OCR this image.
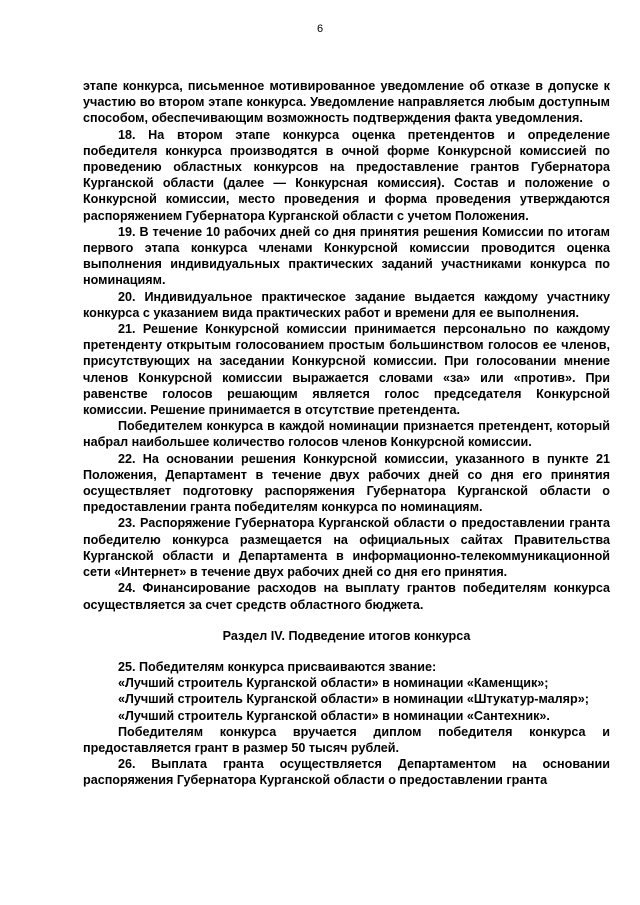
6

этапе конкурса, письменное мотивированное уведомление об отказе в допуске к участию во втором этапе конкурса. Уведомление направляется любым доступным способом, обеспечивающим возможность подтверждения факта уведомления.

18. На втором этапе конкурса оценка претендентов и определение победителя конкурса производятся в очной форме Конкурсной комиссией по проведению областных конкурсов на предоставление грантов Губернатора Курганской области (далее — Конкурсная комиссия). Состав и положение о Конкурсной комиссии, место проведения и форма проведения утверждаются распоряжением Губернатора Курганской области с учетом Положения.

19. В течение 10 рабочих дней со дня принятия решения Комиссии по итогам первого этапа конкурса членами Конкурсной комиссии проводится оценка выполнения индивидуальных практических заданий участниками конкурса по номинациям.

20. Индивидуальное практическое задание выдается каждому участнику конкурса с указанием вида практических работ и времени для ее выполнения.

21. Решение Конкурсной комиссии принимается персонально по каждому претенденту открытым голосованием простым большинством голосов ее членов, присутствующих на заседании Конкурсной комиссии. При голосовании мнение членов Конкурсной комиссии выражается словами «за» или «против». При равенстве голосов решающим является голос председателя Конкурсной комиссии. Решение принимается в отсутствие претендента.

Победителем конкурса в каждой номинации признается претендент, который набрал наибольшее количество голосов членов Конкурсной комиссии.

22. На основании решения Конкурсной комиссии, указанного в пункте 21 Положения, Департамент в течение двух рабочих дней со дня его принятия осуществляет подготовку распоряжения Губернатора Курганской области о предоставлении гранта победителям конкурса по номинациям.

23. Распоряжение Губернатора Курганской области о предоставлении гранта победителю конкурса размещается на официальных сайтах Правительства Курганской области и Департамента в информационно-телекоммуникационной сети «Интернет» в течение двух рабочих дней со дня его принятия.

24. Финансирование расходов на выплату грантов победителям конкурса осуществляется за счет средств областного бюджета.

Раздел IV. Подведение итогов конкурса

25. Победителям конкурса присваиваются звание:

«Лучший строитель Курганской области» в номинации «Каменщик»;

«Лучший строитель Курганской области» в номинации «Штукатур-маляр»;

«Лучший строитель Курганской области» в номинации «Сантехник».

Победителям конкурса вручается диплом победителя конкурса и предоставляется грант в размер 50 тысяч рублей.

26. Выплата гранта осуществляется Департаментом на основании распоряжения Губернатора Курганской области о предоставлении гранта
